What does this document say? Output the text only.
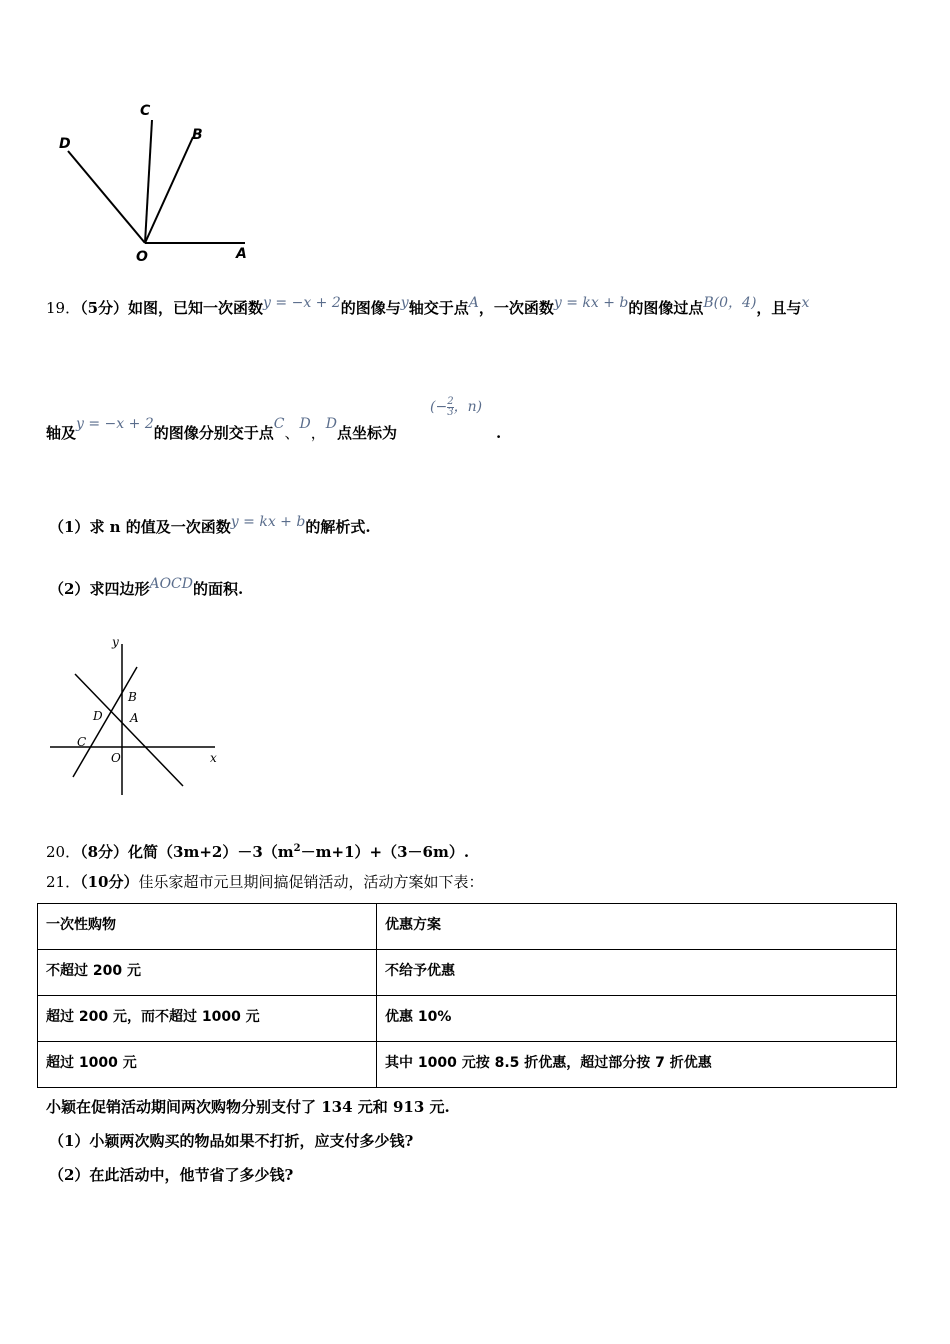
C
B
D
O	A
19．（5分）如图，已知一次函数y = −x + 2的图像与y轴交于点A，一次函数y = kx + b的图像过点B(0，4)，且与x
轴及y = −x + 2的图像分别交于点C、D，D点坐标为
(− $\frac{2}{3}$ ，n)
.
（1）求 n 的值及一次函数y = kx + b的解析式.
（2）求四边形AOCD的面积.
y
B
D A
C
O	x
20．（8分）化简$(3m+2)-3(m^2-m+1)+(3-6m)$.
21．（10分）佳乐家超市元旦期间搞促销活动，活动方案如下表：
一次性购物	优惠方案
不超过 200 元	不给予优惠
超过 200 元，而不超过 1000 元	优惠 10%
超过 1000 元	其中 1000 元按 8.5 折优惠，超过部分按 7 折优惠
小颖在促销活动期间两次购物分别支付了 134 元和 913 元.
（1）小颖两次购买的物品如果不打折，应支付多少钱?
（2）在此活动中，他节省了多少钱?
